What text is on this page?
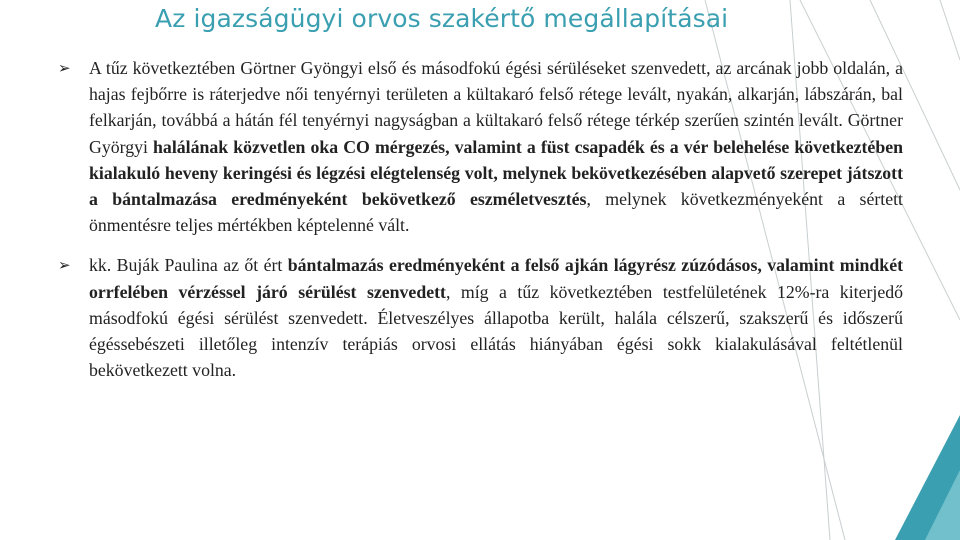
Az igazságügyi orvos szakértő megállapításai
➢ A tűz következtében Görtner Gyöngyi első és másodfokú égési sérüléseket szenvedett, az arcának jobb oldalán, a hajas fejbőrre is ráterjedve női tenyérnyi területen a kültakaró felső rétege levált, nyakán, alkarján, lábszárán, bal felkarján, továbbá a hátán fél tenyérnyi nagyságban a kültakaró felső rétege térkép szerűen szintén levált. Görtner Györgyi halálának közvetlen oka CO mérgezés, valamint a füst csapadék és a vér belehelése következtében kialakuló heveny keringési és légzési elégtelenség volt, melynek bekövetkezésében alapvető szerepet játszott a bántalmazása eredményeként bekövetkező eszméletvesztés, melynek következményeként a sértett önmentésre teljes mértékben képtelenné vált.
➢ kk. Buják Paulina az őt ért bántalmazás eredményeként a felső ajkán lágyrész zúzódásos, valamint mindkét orrfelében vérzéssel járó sérülést szenvedett, míg a tűz következtében testfelületének 12%-ra kiterjedő másodfokú égési sérülést szenvedett. Életveszélyes állapotba került, halála célszerű, szakszerű és időszerű égéssebészeti illetőleg intenzív terápiás orvosi ellátás hiányában égési sokk kialakulásával feltétlenül bekövetkezett volna.
